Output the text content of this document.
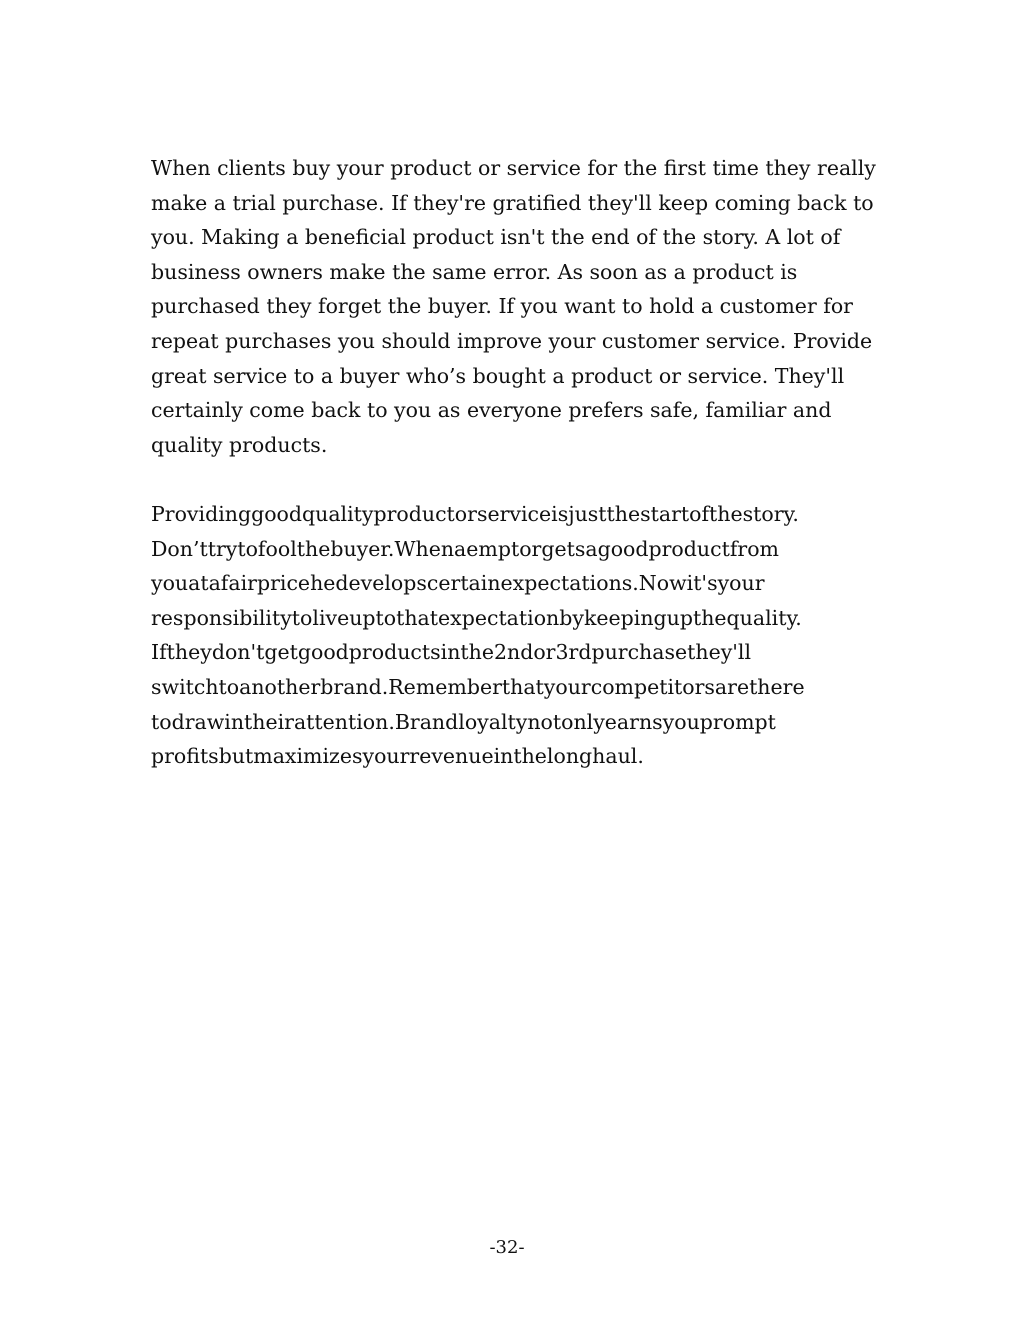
When clients buy your product or service for the first time they really
make a trial purchase. If they're gratified they'll keep coming back to
you. Making a beneficial product isn't the end of the story. A lot of
business owners make the same error. As soon as a product is
purchased they forget the buyer. If you want to hold a customer for
repeat purchases you should improve your customer service. Provide
great service to a buyer who’s bought a product or service. They'll
certainly come back to you as everyone prefers safe, familiar and
quality products.

Providinggoodqualityproductorserviceisjustthestartofthestory.
Don’ttrytofoolthebuyer.Whenaemptorgetsagoodproductfrom
youatafairpricehedevelopscertainexpectations.Nowit'syour
responsibilitytoliveuptothatexpectationbykeepingupthequality.
Iftheydon'tgetgoodproductsinthe2ndor3rdpurchasethey'll
switchtoanotherbrand.Rememberthatyourcompetitorsarethere
todrawintheirattention.Brandloyaltynotonlyearnsyouprompt
profitsbutmaximizesyourrevenueinthelonghaul.

-32-
